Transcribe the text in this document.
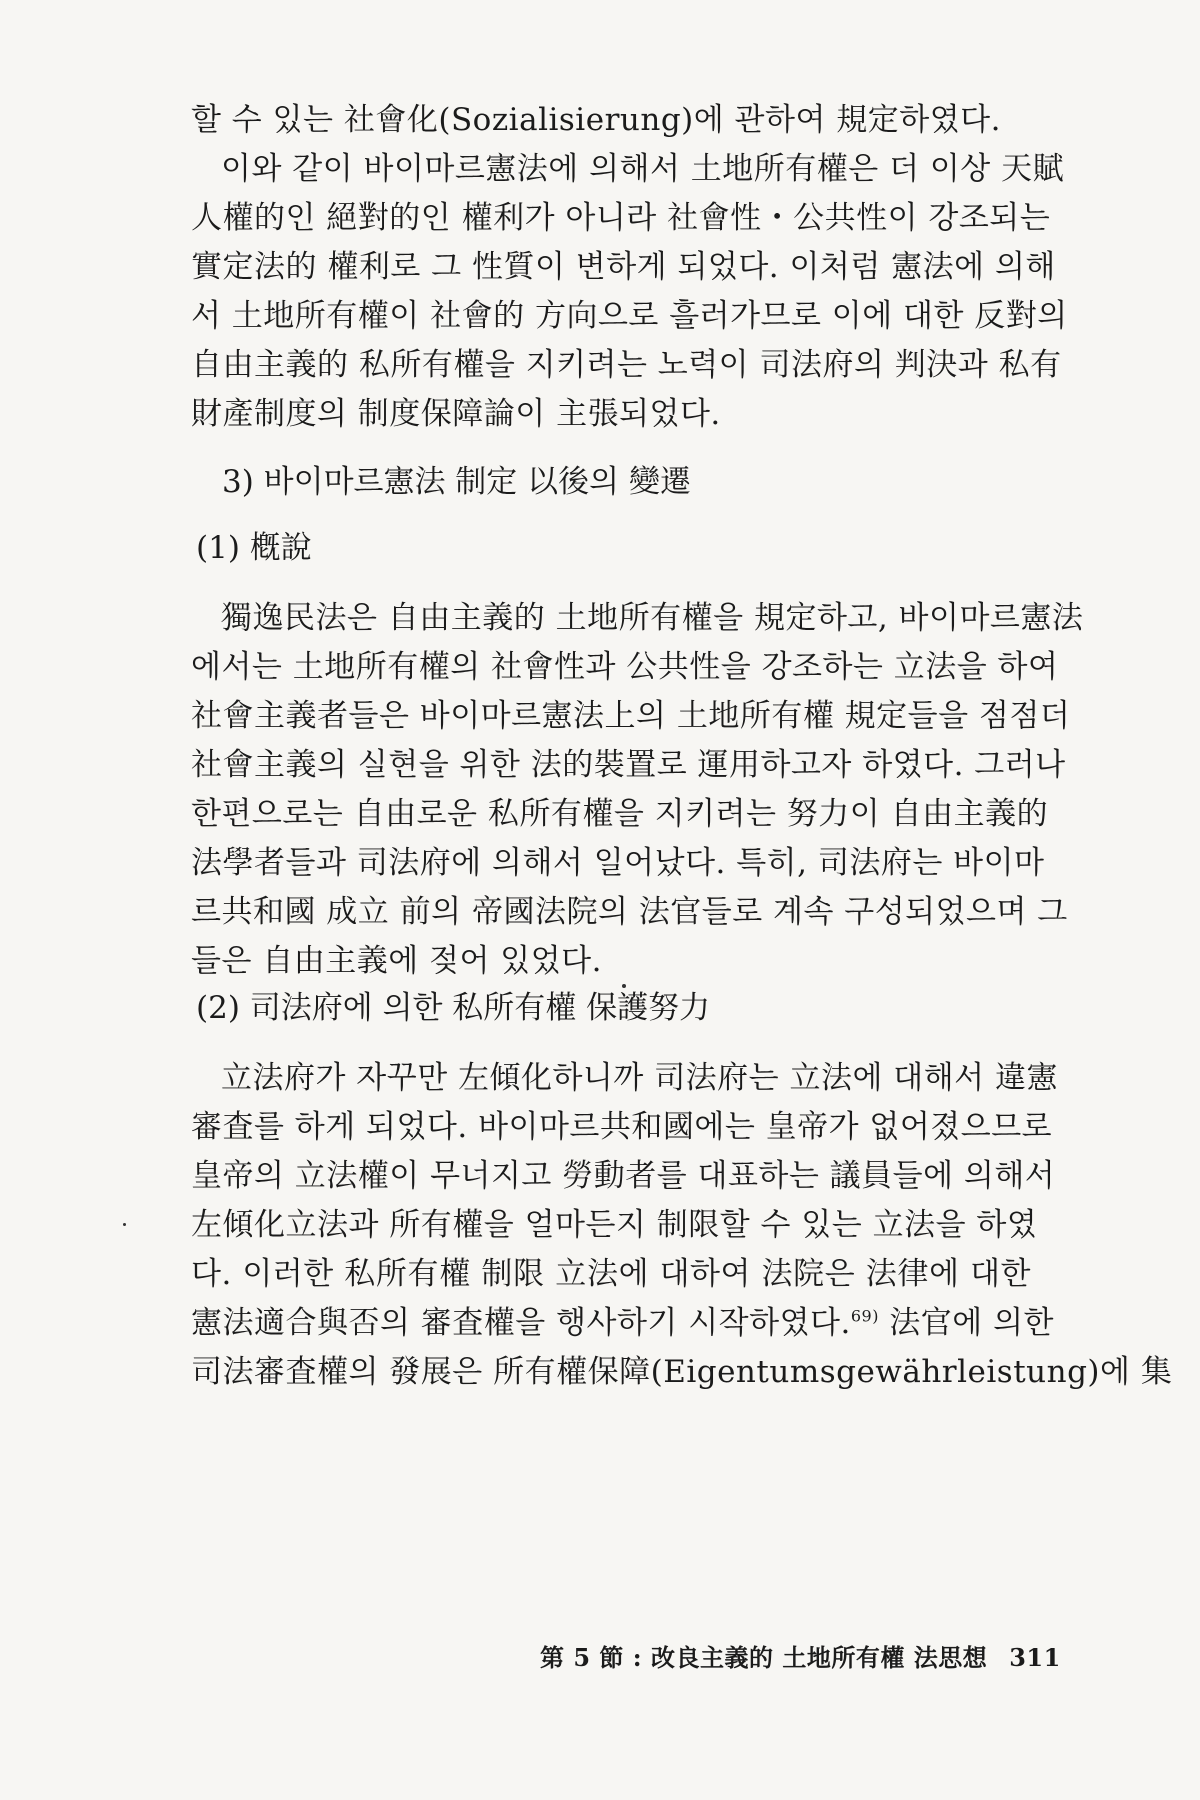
할 수 있는 社會化(Sozialisierung)에 관하여 規定하였다.

이와 같이 바이마르憲法에 의해서 土地所有權은 더 이상 天賦

人權的인 絕對的인 權利가 아니라 社會性・公共性이 강조되는

實定法的 權利로 그 性質이 변하게 되었다. 이처럼 憲法에 의해

서 土地所有權이 社會的 方向으로 흘러가므로 이에 대한 反對의

自由主義的 私所有權을 지키려는 노력이 司法府의 判決과 私有

財產制度의 制度保障論이 主張되었다.

3) 바이마르憲法 制定 以後의 變遷
(1) 槪說

獨逸民法은 自由主義的 土地所有權을 規定하고, 바이마르憲法

에서는 土地所有權의 社會性과 公共性을 강조하는 立法을 하여

社會主義者들은 바이마르憲法上의 土地所有權 規定들을 점점더

社會主義의 실현을 위한 法的裝置로 運用하고자 하였다. 그러나

한편으로는 自由로운 私所有權을 지키려는 努力이 自由主義的

法學者들과 司法府에 의해서 일어났다. 특히, 司法府는 바이마

르共和國 成立 前의 帝國法院의 法官들로 계속 구성되었으며 그

들은 自由主義에 젖어 있었다.

(2) 司法府에 의한 私所有權 保護努力

立法府가 자꾸만 左傾化하니까 司法府는 立法에 대해서 違憲

審査를 하게 되었다. 바이마르共和國에는 皇帝가 없어졌으므로

皇帝의 立法權이 무너지고 勞動者를 대표하는 議員들에 의해서

左傾化立法과 所有權을 얼마든지 制限할 수 있는 立法을 하였

다. 이러한 私所有權 制限 立法에 대하여 法院은 法律에 대한

憲法適合與否의 審査權을 행사하기 시작하였다.$^{69)}$ 法官에 의한

司法審査權의 發展은 所有權保障(Eigentumsgewährleistung)에 集

第 5 節 : 改良主義的 土地所有權 法思想 311
